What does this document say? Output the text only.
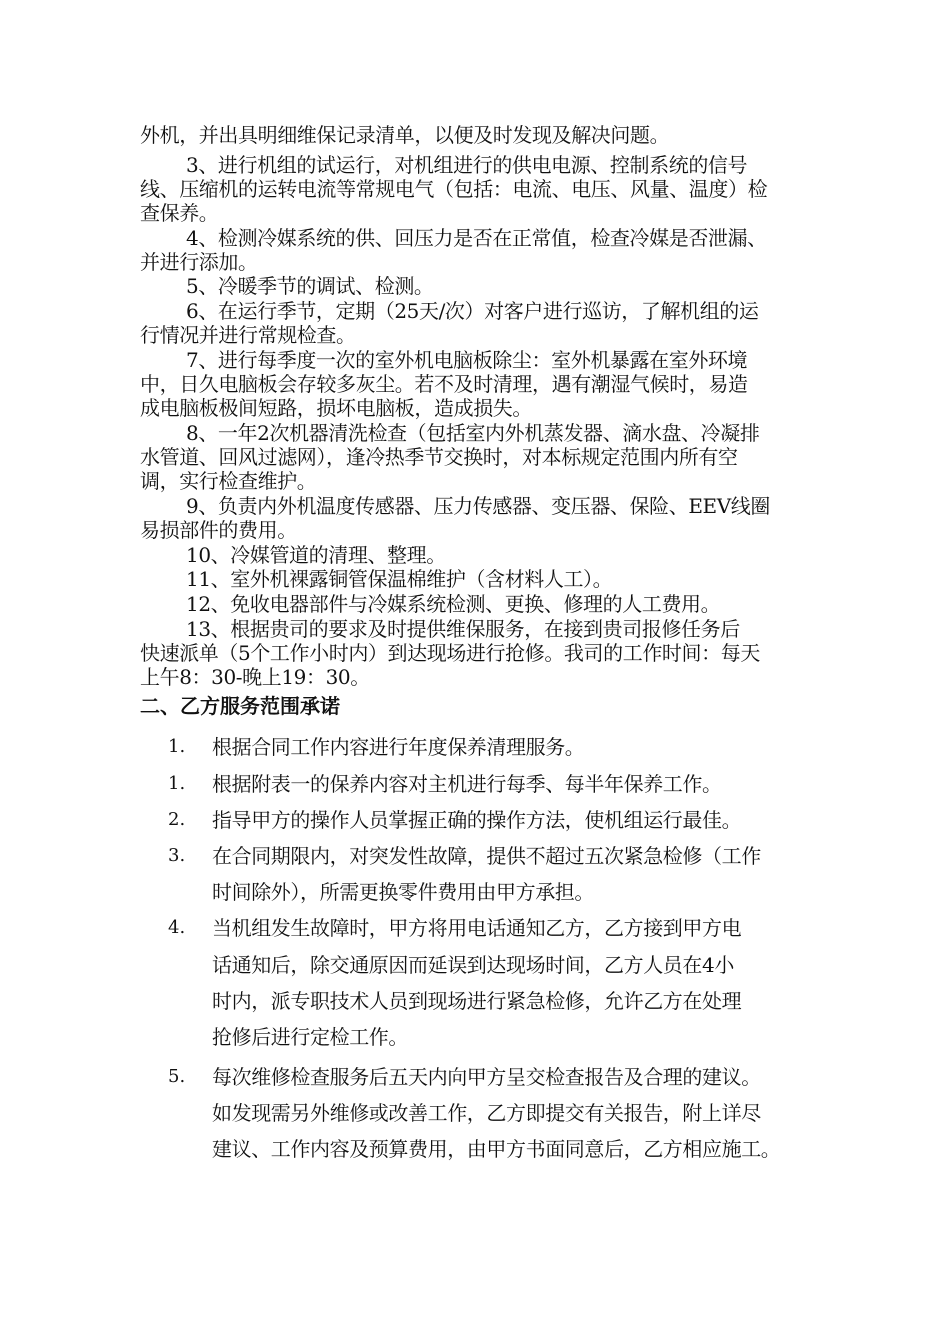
外机，并出具明细维保记录清单，以便及时发现及解决问题。
3、进行机组的试运行，对机组进行的供电电源、控制系统的信号
线、压缩机的运转电流等常规电气（包括：电流、电压、风量、温度）检
查保养。
4、检测冷媒系统的供、回压力是否在正常值，检查冷媒是否泄漏、
并进行添加。
5、冷暖季节的调试、检测。
6、在运行季节，定期（25天/次）对客户进行巡访，了解机组的运
行情况并进行常规检查。
7、进行每季度一次的室外机电脑板除尘：室外机暴露在室外环境
中，日久电脑板会存较多灰尘。若不及时清理，遇有潮湿气候时，易造
成电脑板极间短路，损坏电脑板，造成损失。
8、一年2次机器清洗检查（包括室内外机蒸发器、滴水盘、冷凝排
水管道、回风过滤网），逢冷热季节交换时，对本标规定范围内所有空
调，实行检查维护。
9、负责内外机温度传感器、压力传感器、变压器、保险、EEV线圈
易损部件的费用。
10、冷媒管道的清理、整理。
11、室外机裸露铜管保温棉维护（含材料人工）。
12、免收电器部件与冷媒系统检测、更换、修理的人工费用。
13、根据贵司的要求及时提供维保服务，在接到贵司报修任务后
快速派单（5个工作小时内）到达现场进行抢修。我司的工作时间：每天
上午8：30-晚上19：30。
二、乙方服务范围承诺
1. 根据合同工作内容进行年度保养清理服务。
1. 根据附表一的保养内容对主机进行每季、每半年保养工作。
2. 指导甲方的操作人员掌握正确的操作方法，使机组运行最佳。
3. 在合同期限内，对突发性故障，提供不超过五次紧急检修（工作
时间除外），所需更换零件费用由甲方承担。
4. 当机组发生故障时，甲方将用电话通知乙方，乙方接到甲方电
话通知后，除交通原因而延误到达现场时间，乙方人员在4小
时内，派专职技术人员到现场进行紧急检修，允许乙方在处理
抢修后进行定检工作。
5. 每次维修检查服务后五天内向甲方呈交检查报告及合理的建议。
如发现需另外维修或改善工作，乙方即提交有关报告，附上详尽
建议、工作内容及预算费用，由甲方书面同意后，乙方相应施工。
